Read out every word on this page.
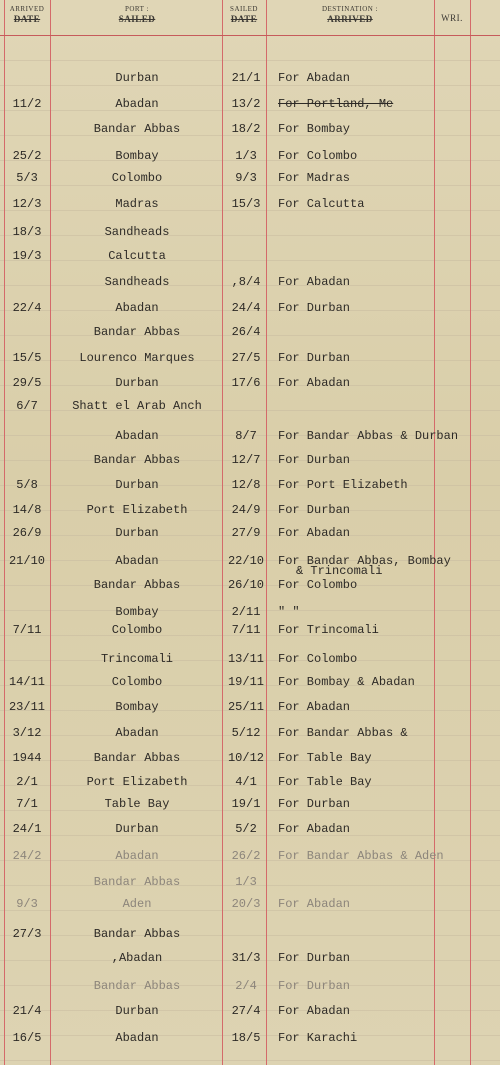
ARRIVED
DATE
PORT :
SAILED
SAILED
DATE
DESTINATION :
ARRIVED	WRI.
Durban	21/1	For Abadan
11/2	Abadan	13/2	For Portland, Me
Bandar Abbas	18/2	For Bombay
25/2	Bombay	1/3	For Colombo
5/3	Colombo	9/3	For Madras
12/3	Madras	15/3	For Calcutta
18/3	Sandheads
19/3	Calcutta
Sandheads	,8/4	For Abadan
22/4	Abadan	24/4	For Durban
Bandar Abbas	26/4
15/5	Lourenco Marques	27/5	For Durban
29/5	Durban	17/6	For Abadan
6/7	Shatt el Arab Anch
Abadan	8/7	For Bandar Abbas & Durban
Bandar Abbas	12/7	For Durban
5/8	Durban	12/8	For Port Elizabeth
14/8	Port Elizabeth	24/9	For Durban
26/9	Durban	27/9	For Abadan
21/10	Abadan	22/10	For Bandar Abbas, Bombay
& Trincomali
Bandar Abbas	26/10	For Colombo
Bombay	2/11	" "
7/11	Colombo	7/11	For Trincomali
Trincomali	13/11	For Colombo
14/11	Colombo	19/11	For Bombay & Abadan
23/11	Bombay	25/11	For Abadan
3/12	Abadan	5/12	For Bandar Abbas &
1944	Bandar Abbas	10/12	For Table Bay
2/1	Port Elizabeth	4/1	For Table Bay
7/1	Table Bay	19/1	For Durban
24/1	Durban	5/2	For Abadan
24/2	Abadan	26/2	For Bandar Abbas & Aden
Bandar Abbas	1/3
9/3	Aden	20/3	For Abadan
27/3	Bandar Abbas
,Abadan	31/3	For Durban
Bandar Abbas	2/4	For Durban
21/4	Durban	27/4	For Abadan
16/5	Abadan	18/5	For Karachi
